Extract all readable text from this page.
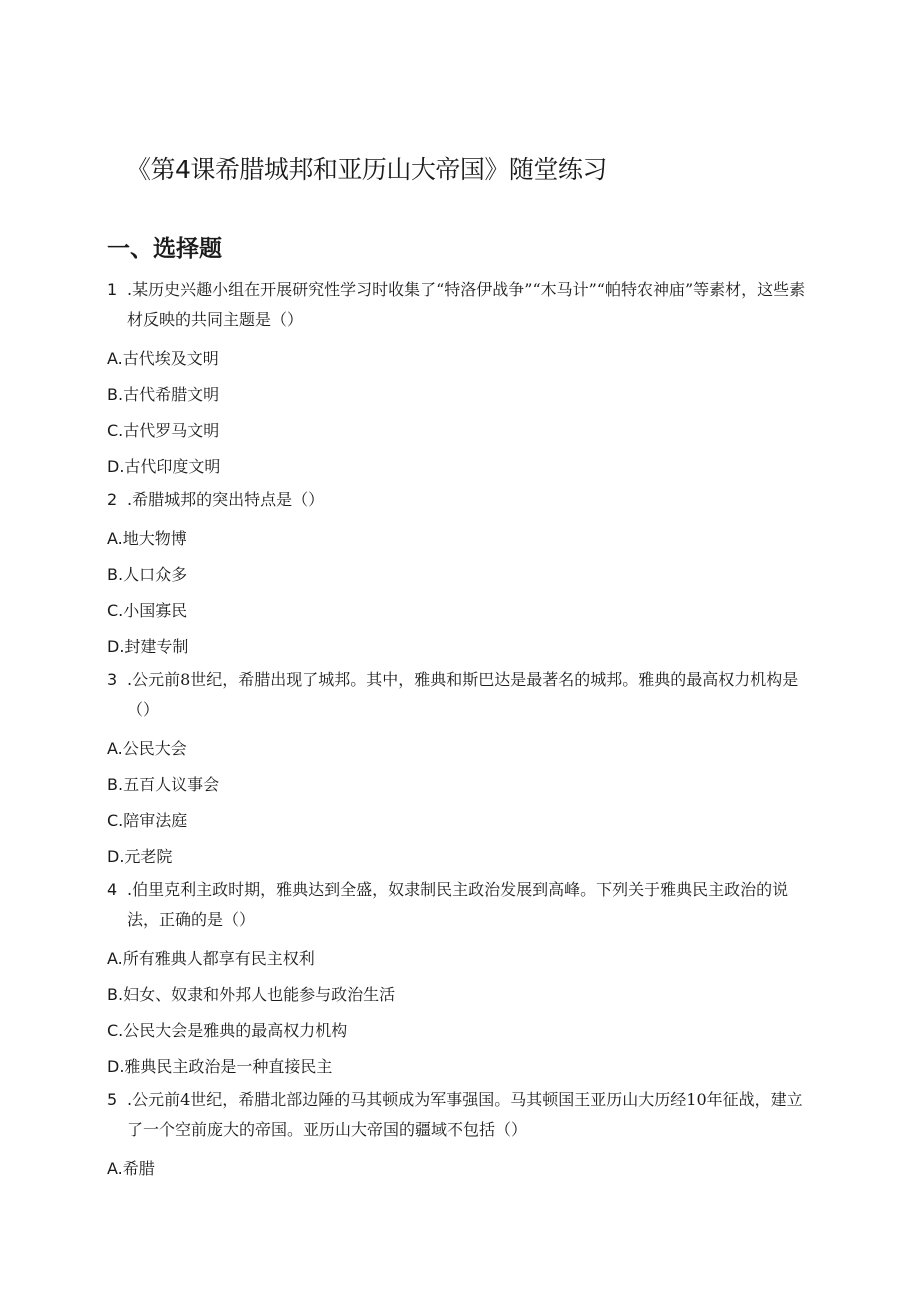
《第4课希腊城邦和亚历山大帝国》随堂练习
一、选择题
1 .某历史兴趣小组在开展研究性学习时收集了“特洛伊战争”“木马计”“帕特农神庙”等素材，这些素材反映的共同主题是（）
A.古代埃及文明
B.古代希腊文明
C.古代罗马文明
D.古代印度文明
2 .希腊城邦的突出特点是（）
A.地大物博
B.人口众多
C.小国寡民
D.封建专制
3 .公元前8世纪，希腊出现了城邦。其中，雅典和斯巴达是最著名的城邦。雅典的最高权力机构是（）
A.公民大会
B.五百人议事会
C.陪审法庭
D.元老院
4 .伯里克利主政时期，雅典达到全盛，奴隶制民主政治发展到高峰。下列关于雅典民主政治的说法，正确的是（）
A.所有雅典人都享有民主权利
B.妇女、奴隶和外邦人也能参与政治生活
C.公民大会是雅典的最高权力机构
D.雅典民主政治是一种直接民主
5 .公元前4世纪，希腊北部边陲的马其顿成为军事强国。马其顿国王亚历山大历经10年征战，建立了一个空前庞大的帝国。亚历山大帝国的疆域不包括（）
A.希腊
